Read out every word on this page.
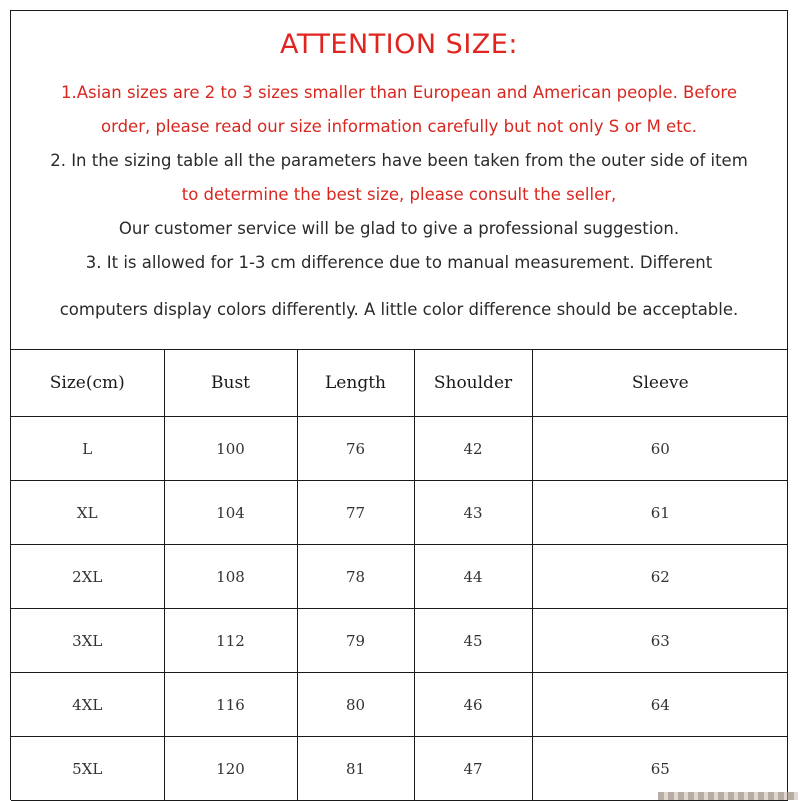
ATTENTION SIZE:
1.Asian sizes are 2 to 3 sizes smaller than European and American people. Before
order, please read our size information carefully but not only S or M etc.
2. In the sizing table all the parameters have been taken from the outer side of item
to determine the best size, please consult the seller,
Our customer service will be glad to give a professional suggestion.
3. It is allowed for 1-3 cm difference due to manual measurement. Different
computers display colors differently. A little color difference should be acceptable.
Size(cm)	Bust	Length	Shoulder	Sleeve
L	100	76	42	60
XL	104	77	43	61
2XL	108	78	44	62
3XL	112	79	45	63
4XL	116	80	46	64
5XL	120	81	47	65
